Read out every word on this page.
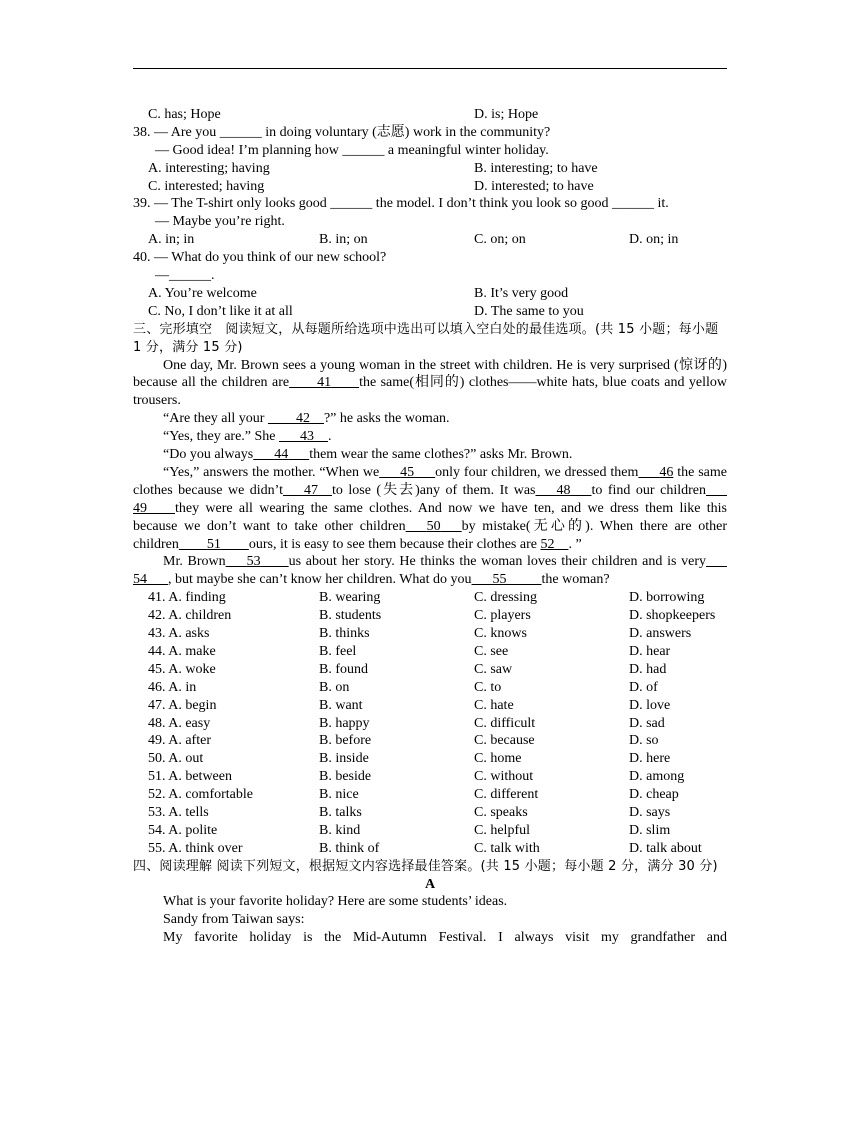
C. has; Hope	D. is; Hope
38. — Are you ______ in doing voluntary (志愿) work in the community?
— Good idea! I’m planning how ______ a meaningful winter holiday.
A. interesting; having	B. interesting; to have
C. interested; having	D. interested; to have
39. — The T-shirt only looks good ______ the model. I don’t think you look so good ______ it.
— Maybe you’re right.
A. in; in	B. in; on	C. on; on	D. on; in
40. — What do you think of our new school?
—______.
A. You’re welcome	B. It’s very good
C. No, I don’t like it at all	D. The same to you
三、完形填空　阅读短文，从每题所给选项中选出可以填入空白处的最佳选项。(共 15 小题；每小题 1 分，满分 15 分)
One day, Mr. Brown sees a young woman in the street with children. He is very surprised (惊讶的) because all the children are     41     the same(相同的) clothes——white hats, blue coats and yellow trousers.
“Are they all your     42   ?” he asks the woman.
“Yes, they are.” She    43   .
“Do you always    44    them wear the same clothes?” asks Mr. Brown.
“Yes,” answers the mother. “When we    45    only four children, we dressed them    46 the same clothes because we didn’t    47   to lose (失去)any of them. It was    48    to find our children   49     they were all wearing the same clothes. And now we have ten, and we dress them like this because we don’t want to take other children    50    by mistake(无心的). When there are other children     51     ours, it is easy to see them because their clothes are 52   . ”
Mr. Brown    53     us about her story. He thinks the woman loves their children and is very   54    , but maybe she can’t know her children. What do you    55     	the woman?
41. A. finding	B. wearing	C. dressing	D. borrowing
42. A. children	B. students	C. players	D. shopkeepers
43. A. asks	B. thinks	C. knows	D. answers
44. A. make	B. feel	C. see	D. hear
45. A. woke	B. found	C. saw	D. had
46. A. in	B. on	C. to	D. of
47. A. begin	B. want	C. hate	D. love
48. A. easy	B. happy	C. difficult	D. sad
49. A. after	B. before	C. because	D. so
50. A. out	B. inside	C. home	D. here
51. A. between	B. beside	C. without	D. among
52. A. comfortable	B. nice	C. different	D. cheap
53. A. tells	B. talks	C. speaks	D. says
54. A. polite	B. kind	C. helpful	D. slim
55. A. think over	B. think of	C. talk with	D. talk about
四、阅读理解 阅读下列短文，根据短文内容选择最佳答案。(共 15 小题；每小题 2 分，满分 30 分)
A
What is your favorite holiday? Here are some students’ ideas.
Sandy from Taiwan says:
My favorite holiday is the Mid-Autumn Festival. I always visit my grandfather and
